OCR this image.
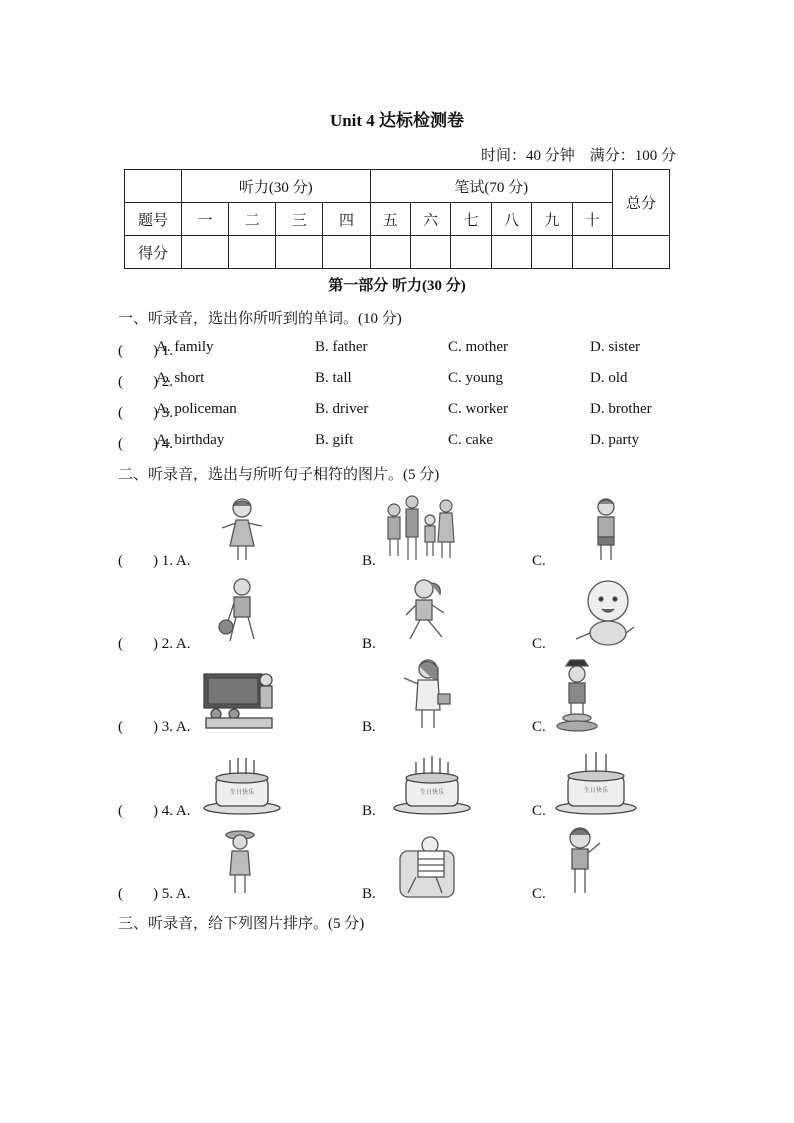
Unit 4 达标检测卷
时间：40 分钟　满分：100 分
	听力(30 分)				笔试(70 分)						总分
题号	一	二	三	四	五	六	七	八	九	十	
得分											
第一部分 听力(30 分)
一、听录音，选出你所听到的单词。(10 分)
(　　) 1.
A. family	B. father	C. mother	D. sister
(　　) 2.
A. short	B. tall	C. young	D. old
(　　) 3.
A. policeman	B. driver	C. worker	D. brother
(　　) 4.
A. birthday	B. gift	C. cake	D. party
二、听录音，选出与所听句子相符的图片。(5 分)
(　　) 1. A.	B.	C.
(　　) 2. A.	B.	C.
(　　) 3. A.	B.	C.
(　　) 4. A.	B.	C.
生日快乐	生日快乐	生日快乐
(　　) 5. A.	B.	C.
三、听录音，给下列图片排序。(5 分)
